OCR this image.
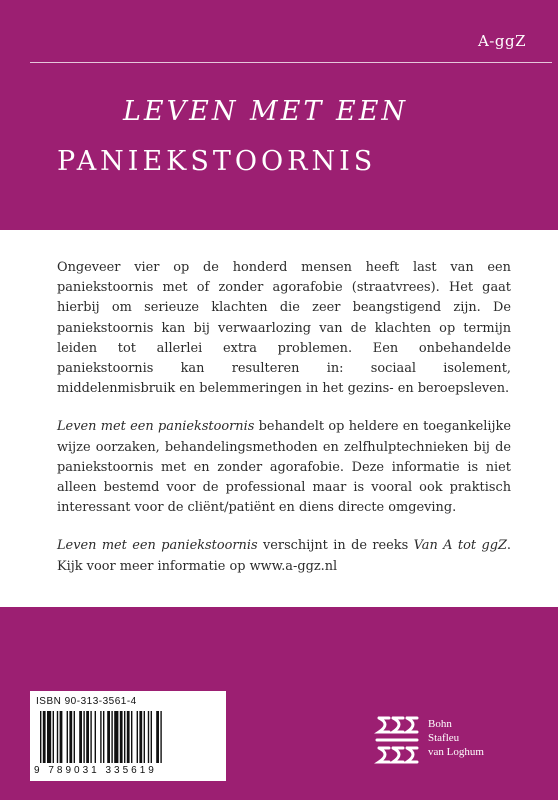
A-ggZ
LEVEN MET EEN
PANIEKSTOORNIS

Ongeveer vier op de honderd mensen heeft last van een paniekstoornis met of zonder agorafobie (straatvrees). Het gaat hierbij om serieuze klachten die zeer beangstigend zijn. De paniekstoornis kan bij verwaarlozing van de klachten op termijn leiden tot allerlei extra problemen. Een onbehandelde paniekstoornis kan resulteren in: sociaal isolement, middelenmisbruik en belemmeringen in het gezins- en beroepsleven.

Leven met een paniekstoornis behandelt op heldere en toegankelijke wijze oorzaken, behandelingsmethoden en zelfhulptechnieken bij de paniekstoornis met en zonder agorafobie. Deze informatie is niet alleen bestemd voor de professional maar is vooral ook praktisch interessant voor de cliënt/patiënt en diens directe omgeving.

Leven met een paniekstoornis verschijnt in de reeks Van A tot ggZ. Kijk voor meer informatie op www.a-ggz.nl

ISBN 90-313-3561-4
9 789031 335619
Bohn
Stafleu
van Loghum
